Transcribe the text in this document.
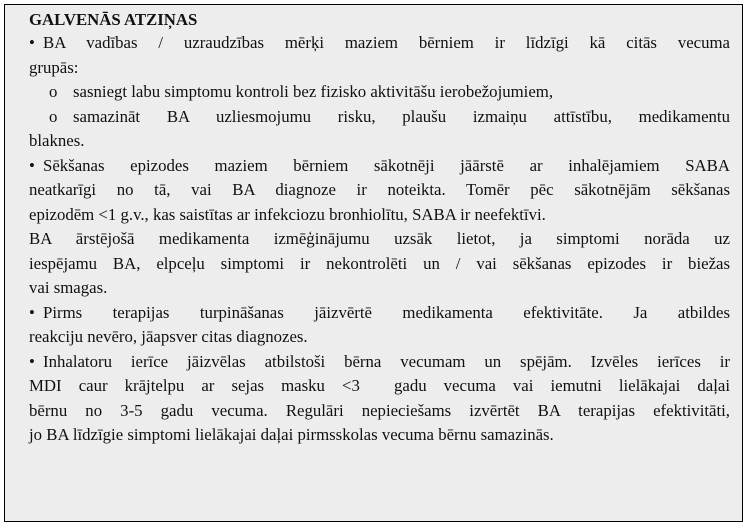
GALVENĀS ATZIŅAS
• BA vadības / uzraudzības mērķi maziem bērniem ir līdzīgi kā citās vecuma
grupās:
o sasniegt labu simptomu kontroli bez fizisko aktivitāšu ierobežojumiem,
o samazināt BA uzliesmojumu risku, plaušu izmaiņu attīstību, medikamentu
blaknes.
• Sēkšanas epizodes maziem bērniem sākotnēji jāārstē ar inhalējamiem SABA
neatkarīgi no tā, vai BA diagnoze ir noteikta. Tomēr pēc sākotnējām sēkšanas
epizodēm <1 g.v., kas saistītas ar infekciozu bronhiolītu, SABA ir neefektīvi.
BA ārstējošā medikamenta izmēģinājumu uzsāk lietot, ja simptomi norāda uz
iespējamu BA, elpceļu simptomi ir nekontrolēti un / vai sēkšanas epizodes ir biežas
vai smagas.
• Pirms terapijas turpināšanas jāizvērtē medikamenta efektivitāte. Ja atbildes
reakciju nevēro, jāapsver citas diagnozes.
• Inhalatoru ierīce jāizvēlas atbilstoši bērna vecumam un spējām. Izvēles ierīces ir
MDI caur krājtelpu ar sejas masku <3  gadu vecuma vai iemutni lielākajai daļai
bērnu no 3-5 gadu vecuma. Regulāri nepieciešams izvērtēt BA terapijas efektivitāti,
jo BA līdzīgie simptomi lielākajai daļai pirmsskolas vecuma bērnu samazinās.
